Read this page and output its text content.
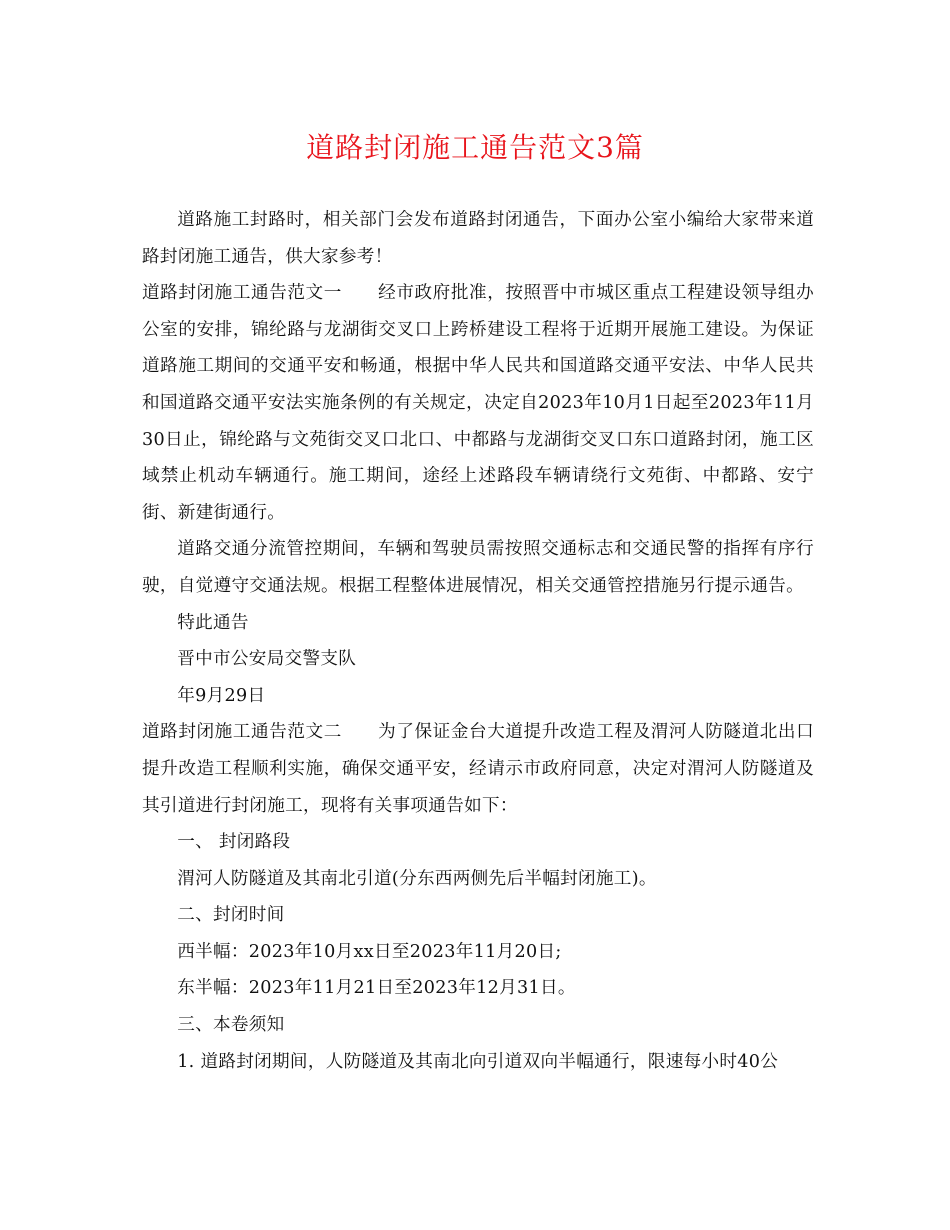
道路封闭施工通告范文3篇

道路施工封路时，相关部门会发布道路封闭通告，下面办公室小编给大家带来道路封闭施工通告，供大家参考！

道路封闭施工通告范文一 经市政府批准，按照晋中市城区重点工程建设领导组办公室的安排，锦纶路与龙湖街交叉口上跨桥建设工程将于近期开展施工建设。为保证道路施工期间的交通平安和畅通，根据中华人民共和国道路交通平安法、中华人民共和国道路交通平安法实施条例的有关规定，决定自2023年10月1日起至2023年11月30日止，锦纶路与文苑街交叉口北口、中都路与龙湖街交叉口东口道路封闭，施工区域禁止机动车辆通行。施工期间，途经上述路段车辆请绕行文苑街、中都路、安宁街、新建街通行。

道路交通分流管控期间，车辆和驾驶员需按照交通标志和交通民警的指挥有序行驶，自觉遵守交通法规。根据工程整体进展情况，相关交通管控措施另行提示通告。

特此通告

晋中市公安局交警支队

年9月29日

道路封闭施工通告范文二 为了保证金台大道提升改造工程及渭河人防隧道北出口提升改造工程顺利实施，确保交通平安，经请示市政府同意，决定对渭河人防隧道及其引道进行封闭施工，现将有关事项通告如下：

一、 封闭路段

渭河人防隧道及其南北引道(分东西两侧先后半幅封闭施工)。

二、封闭时间

西半幅：2023年10月xx日至2023年11月20日;

东半幅：2023年11月21日至2023年12月31日。

三、本卷须知

1. 道路封闭期间，人防隧道及其南北向引道双向半幅通行，限速每小时40公
